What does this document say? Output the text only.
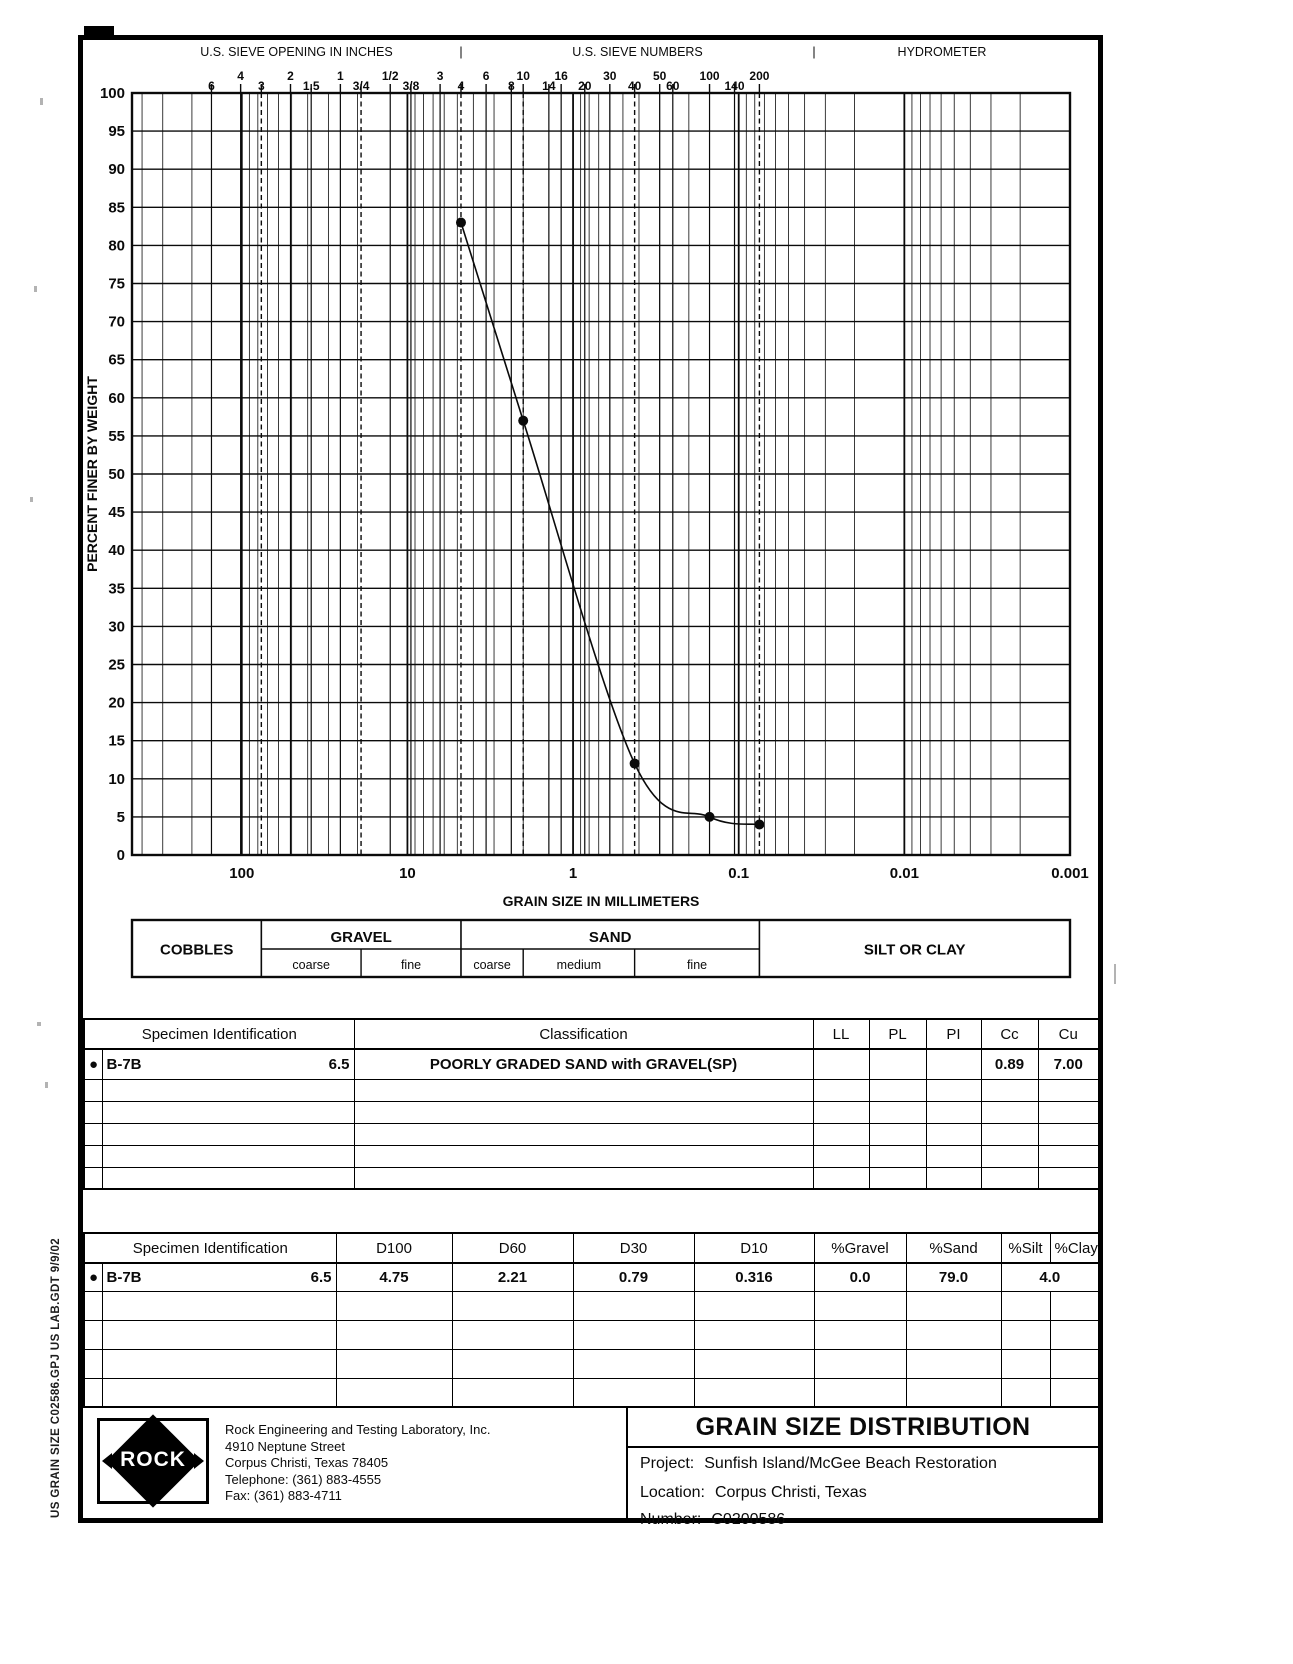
US GRAIN SIZE C02586.GPJ US LAB.GDT 9/9/02
U.S. SIEVE OPENING IN INCHES	U.S. SIEVE NUMBERS	HYDROMETER
|	|
0
5
10
15
20
25
30
35
40
45
50
55
60
65
70
75
80
85
90
95
100	6
4
3
2
1.5
1
3/4
1/2
3/8
3
4
6
8
10
14
16
20
30
40
50
60
100
140
200
100	10	1	0.1	0.01	0.001
GRAIN SIZE IN MILLIMETERS
PERCENT FINER BY WEIGHT
COBBLES
GRAVEL
coarse	fine
SAND
coarse	medium	fine
SILT OR CLAY
Specimen Identification		Classification	LL	PL	PI	Cc	Cu
●	B-7B 6.5	POORLY GRADED SAND with GRAVEL(SP)				0.89	7.00

Specimen Identification		D100	D60	D30	D10	%Gravel	%Sand	%Silt	%Clay
●	B-7B 6.5	4.75	2.21	0.79	0.316	0.0	79.0	4.0	

ROCK
Rock Engineering and Testing Laboratory, Inc.
4910 Neptune Street
Corpus Christi, Texas 78405
Telephone: (361) 883-4555
Fax: (361) 883-4711
GRAIN SIZE DISTRIBUTION
Project: Sunfish Island/McGee Beach Restoration
Location: Corpus Christi, Texas
Number: C0200586
